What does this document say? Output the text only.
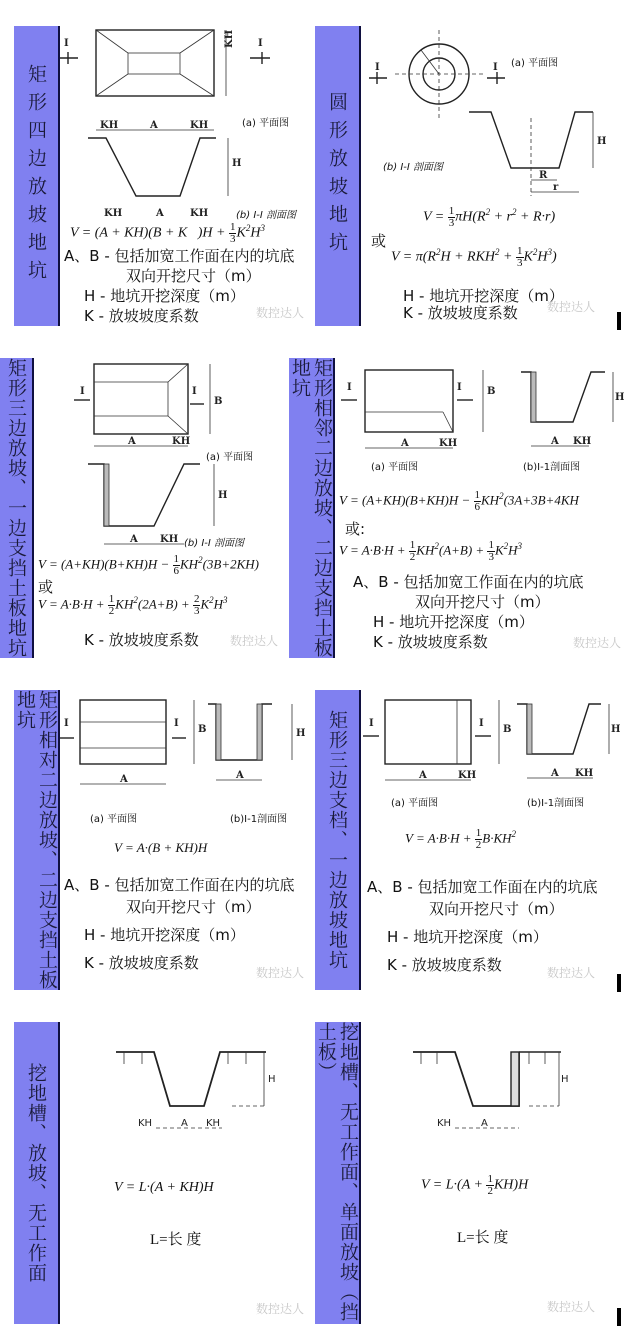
矩形四边放坡地坑
KH
I	I
KH	A	KH
H
KH	A	KH
(a) 平面图
(b) I-I 剖面图
V = (A + KH)(B + K   )$H + \frac{1}{3} K^2H^3$
A、B - 包括加宽工作面在内的坑底
双向开挖尺寸（m）
H - 地坑开挖深度（m）
K - 放坡坡度系数	数控达人
圆形放坡地坑
I	I
H
R
r
(a) 平面图
(b) I-I 剖面图
$V = \frac{1}{3} \pi H(R^2 + r^2 + R\cdot r)$
或
$V = \pi(R^2H + RKH^2 + \frac{1}{3} K^2H^3)$
H - 地坑开挖深度（m）
K - 放坡坡度系数	数控达人
矩形三边放坡、一边支挡土板地坑	I	I
B
A	KH
H
A KH
(a) 平面图
(b) I-I 剖面图
$V = (A+KH)(B+KH)H - \frac{1}{6} KH^2(3B+2KH)$
或
$V = A\cdot B\cdot H + \frac{1}{2} KH^2(2A+B) + \frac{2}{3} K^2H^3$
K - 放坡坡度系数	数控达人	矩形相邻二边放坡、二边支挡土板地坑	I	I	B
A	KH
H
A KH
(a) 平面图	(b)I-1剖面图
$V = (A+KH)(B+KH)H - \frac{1}{6} KH^2(3A+3B+4KH$
或:
$V = A\cdot B\cdot H + \frac{1}{2} KH^2(A+B) + \frac{1}{3} K^2H^3$
A、B - 包括加宽工作面在内的坑底
双向开挖尺寸（m）
H - 地坑开挖深度（m）
K - 放坡坡度系数	数控达人
矩形相对二边放坡、二边支挡土板地坑	I	I
B
A
H
A
(a) 平面图	(b)I-1剖面图
V = A·(B + KH)H
A、B - 包括加宽工作面在内的坑底
双向开挖尺寸（m）
H - 地坑开挖深度（m）
K - 放坡坡度系数
数控达人
矩形三边支档、一边放坡地坑 I	I
B
A	KH
H
A KH
(a) 平面图	(b)I-1剖面图
$V = A\cdot B\cdot H + \frac{1}{2} B\cdot KH^2$
A、B - 包括加宽工作面在内的坑底
双向开挖尺寸（m）
H - 地坑开挖深度（m）
K - 放坡坡度系数	数控达人
挖地槽、放坡、无工作面	H
KH	A KH
V = L·(A + KH)H
L=长 度
数控达人	挖地槽、无工作面、单面放坡（挡土板）	H
KH	A
$V = L\cdot(A + \frac{1}{2} KH)H$
L=长 度
数控达人
